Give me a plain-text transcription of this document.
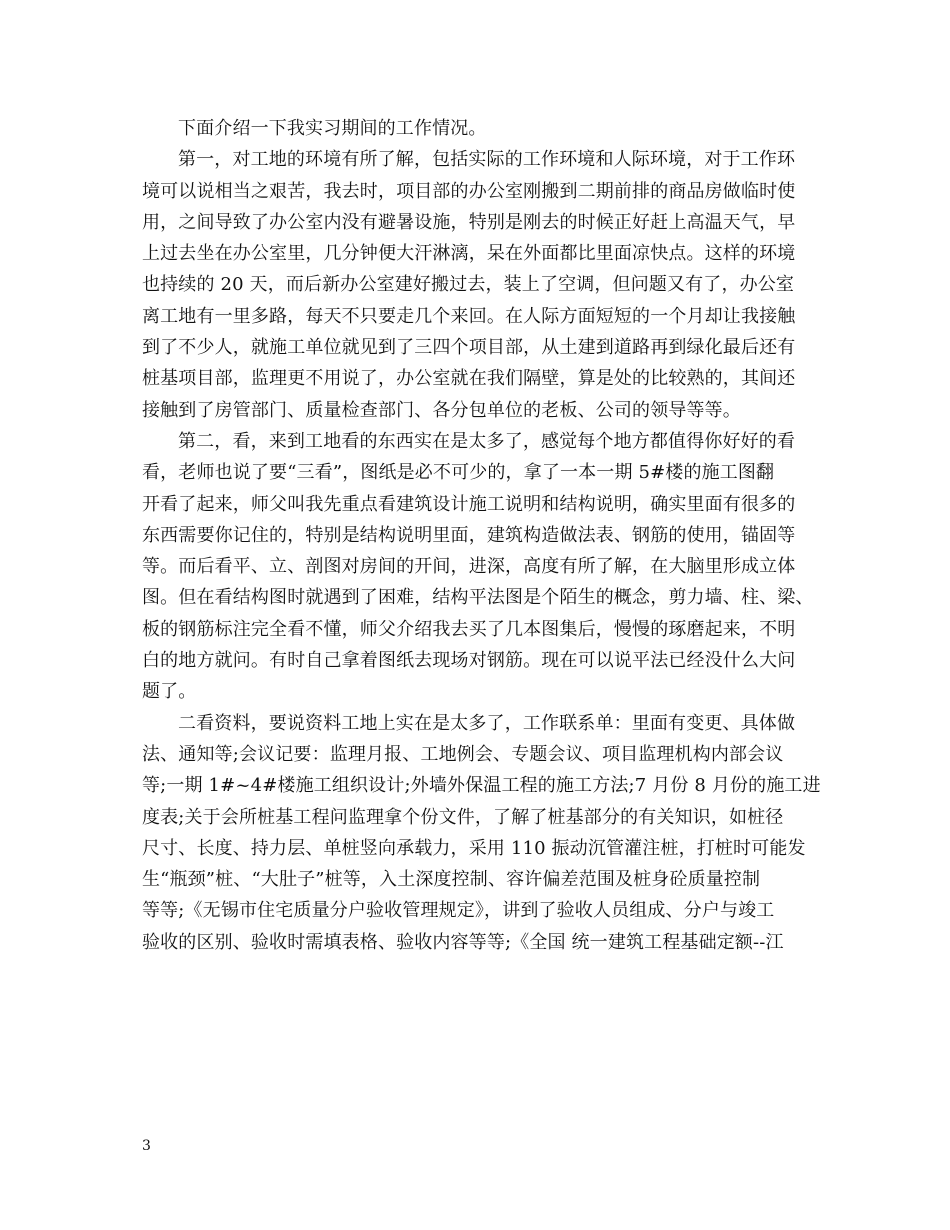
下面介绍一下我实习期间的工作情况。
第一，对工地的环境有所了解，包括实际的工作环境和人际环境，对于工作环
境可以说相当之艰苦，我去时，项目部的办公室刚搬到二期前排的商品房做临时使
用，之间导致了办公室内没有避暑设施，特别是刚去的时候正好赶上高温天气，早
上过去坐在办公室里，几分钟便大汗淋漓，呆在外面都比里面凉快点。这样的环境
也持续的 20 天，而后新办公室建好搬过去，装上了空调，但问题又有了，办公室
离工地有一里多路，每天不只要走几个来回。在人际方面短短的一个月却让我接触
到了不少人，就施工单位就见到了三四个项目部，从土建到道路再到绿化最后还有
桩基项目部，监理更不用说了，办公室就在我们隔壁，算是处的比较熟的，其间还
接触到了房管部门、质量检查部门、各分包单位的老板、公司的领导等等。
第二，看，来到工地看的东西实在是太多了，感觉每个地方都值得你好好的看
看，老师也说了要“三看”，图纸是必不可少的，拿了一本一期 5#楼的施工图翻
开看了起来，师父叫我先重点看建筑设计施工说明和结构说明，确实里面有很多的
东西需要你记住的，特别是结构说明里面，建筑构造做法表、钢筋的使用，锚固等
等。而后看平、立、剖图对房间的开间，进深，高度有所了解，在大脑里形成立体
图。但在看结构图时就遇到了困难，结构平法图是个陌生的概念，剪力墙、柱、梁、
板的钢筋标注完全看不懂，师父介绍我去买了几本图集后，慢慢的琢磨起来，不明
白的地方就问。有时自己拿着图纸去现场对钢筋。现在可以说平法已经没什么大问
题了。
二看资料，要说资料工地上实在是太多了，工作联系单：里面有变更、具体做
法、通知等;会议记要：监理月报、工地例会、专题会议、项目监理机构内部会议
等;一期 1#~4#楼施工组织设计;外墙外保温工程的施工方法;7 月份 8 月份的施工进
度表;关于会所桩基工程问监理拿个份文件，了解了桩基部分的有关知识，如桩径
尺寸、长度、持力层、单桩竖向承载力，采用 110 振动沉管灌注桩，打桩时可能发
生“瓶颈”桩、“大肚子”桩等，入土深度控制、容许偏差范围及桩身砼质量控制
等等;《无锡市住宅质量分户验收管理规定》，讲到了验收人员组成、分户与竣工
验收的区别、验收时需填表格、验收内容等等;《全国 统一建筑工程基础定额--江
3
